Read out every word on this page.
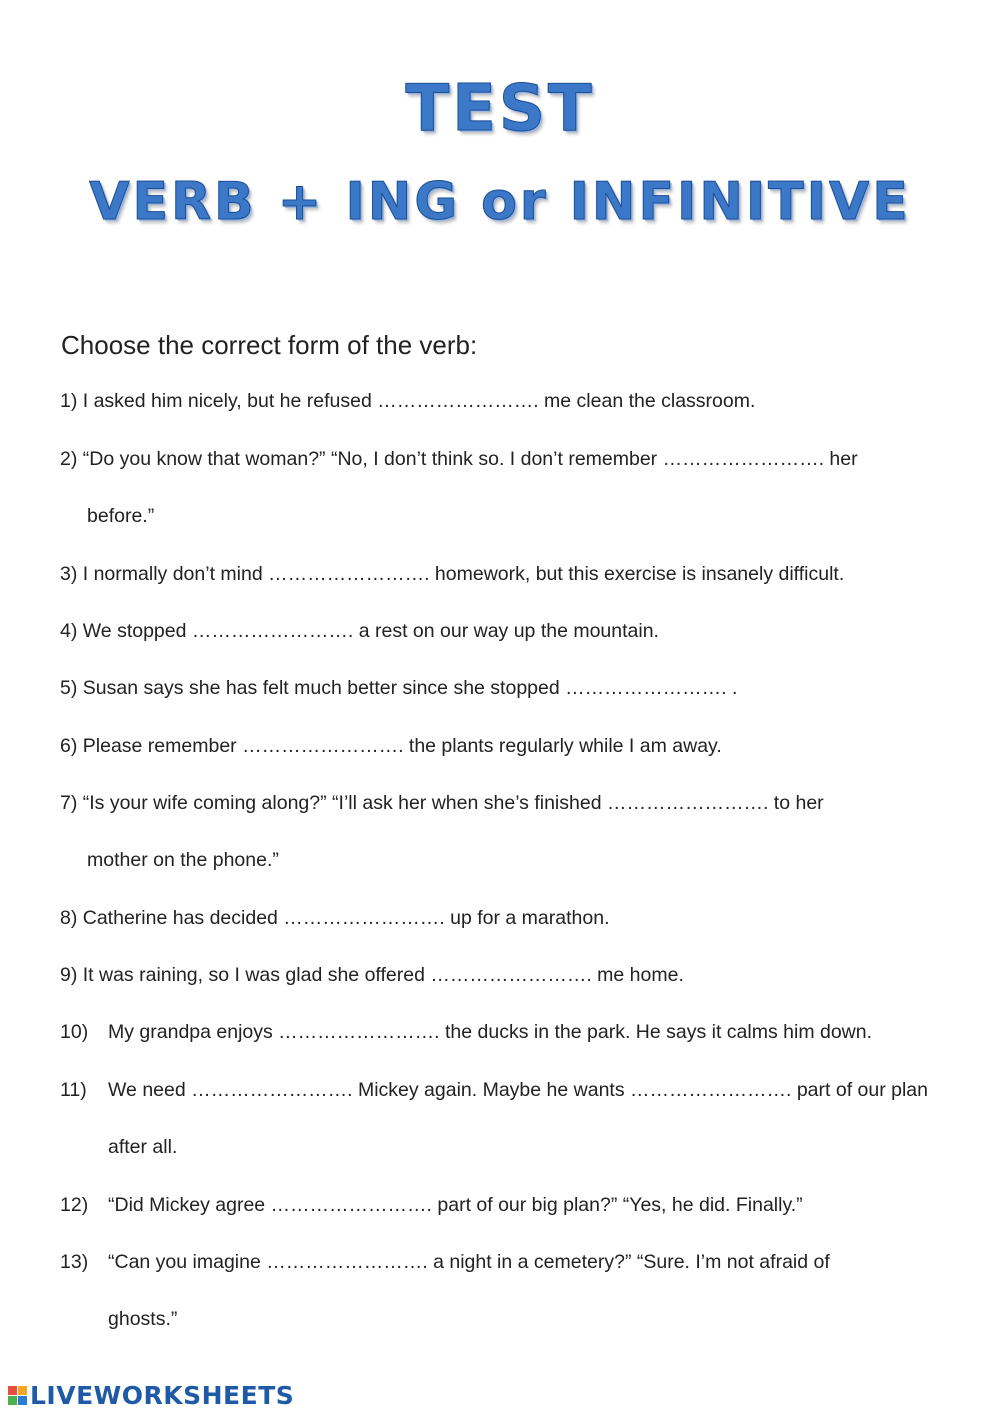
TEST
VERB + ING or INFINITIVE
Choose the correct form of the verb:
1) I asked him nicely, but he refused ……………………. me clean the classroom.
2) “Do you know that woman?” “No, I don’t think so. I don’t remember ……………………. her
before.”
3) I normally don’t mind ……………………. homework, but this exercise is insanely difficult.
4) We stopped ……………………. a rest on our way up the mountain.
5) Susan says she has felt much better since she stopped ……………………. .
6) Please remember ……………………. the plants regularly while I am away.
7) “Is your wife coming along?” “I’ll ask her when she’s finished ……………………. to her
mother on the phone.”
8) Catherine has decided ……………………. up for a marathon.
9) It was raining, so I was glad she offered ……………………. me home.
10) My grandpa enjoys ……………………. the ducks in the park. He says it calms him down.
11) We need ……………………. Mickey again. Maybe he wants ……………………. part of our plan
after all.
12) “Did Mickey agree ……………………. part of our big plan?” “Yes, he did. Finally.”
13) “Can you imagine ……………………. a night in a cemetery?” “Sure. I’m not afraid of
ghosts.”
LIVEWORKSHEETS
